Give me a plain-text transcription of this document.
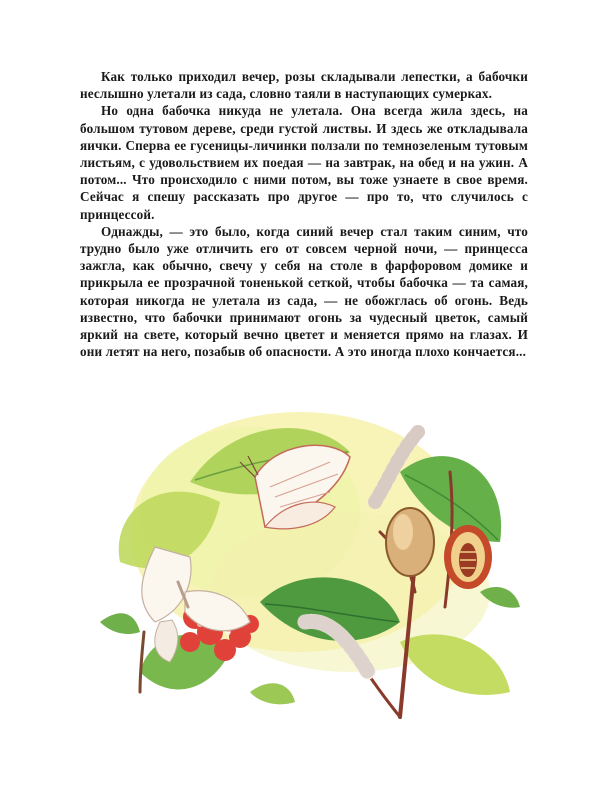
Как только приходил вечер, розы складывали лепестки, а бабочки неслышно улетали из сада, словно таяли в наступающих сумерках.

Но одна бабочка никуда не улетала. Она всегда жила здесь, на большом тутовом дереве, среди густой листвы. И здесь же откладывала яички. Сперва ее гусеницы-личинки ползали по темнозеленым тутовым листьям, с удовольствием их поедая — на завтрак, на обед и на ужин. А потом... Что происходило с ними потом, вы тоже узнаете в свое время. Сейчас я спешу рассказать про другое — про то, что случилось с принцессой.

Однажды, — это было, когда синий вечер стал таким синим, что трудно было уже отличить его от совсем черной ночи, — принцесса зажгла, как обычно, свечу у себя на столе в фарфоровом домике и прикрыла ее прозрачной тоненькой сеткой, чтобы бабочка — та самая, которая никогда не улетала из сада, — не обожглась об огонь. Ведь известно, что бабочки принимают огонь за чудесный цветок, самый яркий на свете, который вечно цветет и меняется прямо на глазах. И они летят на него, позабыв об опасности. А это иногда плохо кончается...
